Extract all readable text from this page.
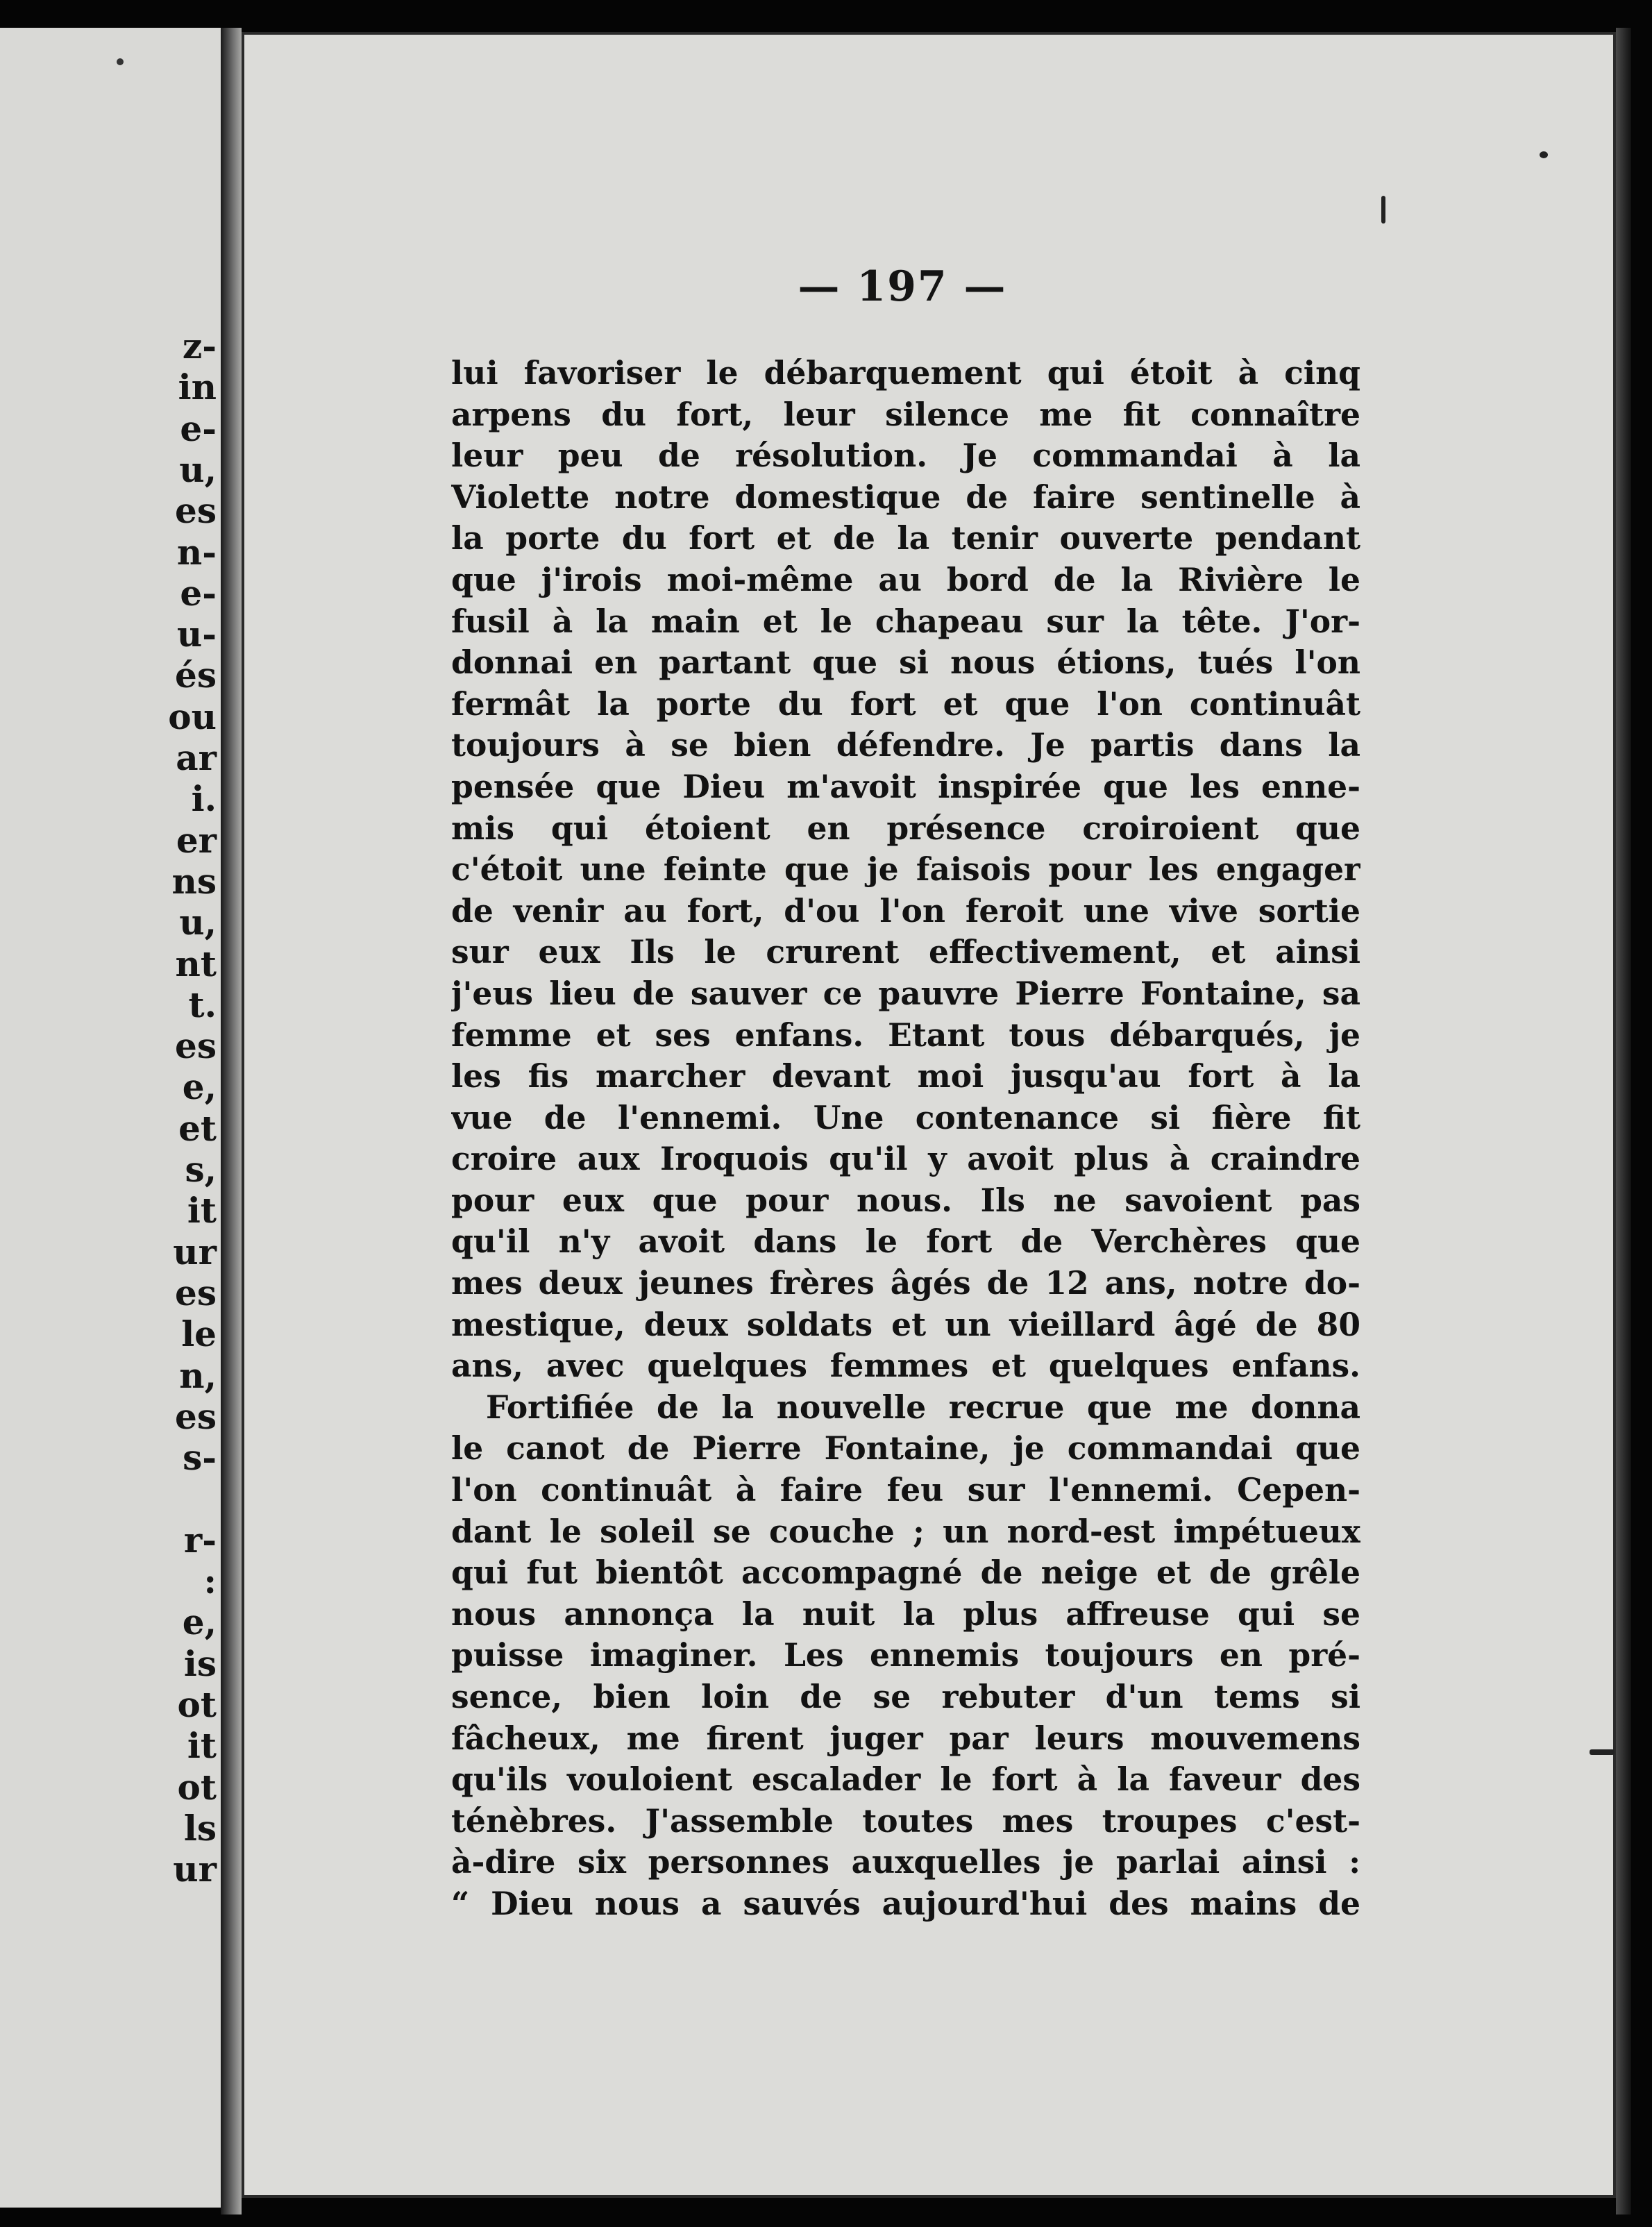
z-
in
e-
u,
es
n-
e-
u-
és
ou
ar
i.
er
ns
u,
nt
t.
es
e,
et
s,
it
ur
es
le
n,
es
s-
r-
:
e,
is
ot
it
ot
ls
ur
— 197 —
lui favoriser le débarquement qui étoit à cinq
arpens du fort, leur silence me fit connaître
leur peu de résolution. Je commandai à la
Violette notre domestique de faire sentinelle à
la porte du fort et de la tenir ouverte pendant
que j'irois moi-même au bord de la Rivière le
fusil à la main et le chapeau sur la tête. J'or-
donnai en partant que si nous étions, tués l'on
fermât la porte du fort et que l'on continuât
toujours à se bien défendre. Je partis dans la
pensée que Dieu m'avoit inspirée que les enne-
mis qui étoient en présence croiroient que
c'étoit une feinte que je faisois pour les engager
de venir au fort, d'ou l'on feroit une vive sortie
sur eux Ils le crurent effectivement, et ainsi
j'eus lieu de sauver ce pauvre Pierre Fontaine, sa
femme et ses enfans. Etant tous débarqués, je
les fis marcher devant moi jusqu'au fort à la
vue de l'ennemi. Une contenance si fière fit
croire aux Iroquois qu'il y avoit plus à craindre
pour eux que pour nous. Ils ne savoient pas
qu'il n'y avoit dans le fort de Verchères que
mes deux jeunes frères âgés de 12 ans, notre do-
mestique, deux soldats et un vieillard âgé de 80
ans, avec quelques femmes et quelques enfans.
Fortifiée de la nouvelle recrue que me donna
le canot de Pierre Fontaine, je commandai que
l'on continuât à faire feu sur l'ennemi. Cepen-
dant le soleil se couche ; un nord-est impétueux
qui fut bientôt accompagné de neige et de grêle
nous annonça la nuit la plus affreuse qui se
puisse imaginer. Les ennemis toujours en pré-
sence, bien loin de se rebuter d'un tems si
fâcheux, me firent juger par leurs mouvemens
qu'ils vouloient escalader le fort à la faveur des
ténèbres. J'assemble toutes mes troupes c'est-
à-dire six personnes auxquelles je parlai ainsi :
“ Dieu nous a sauvés aujourd'hui des mains de
